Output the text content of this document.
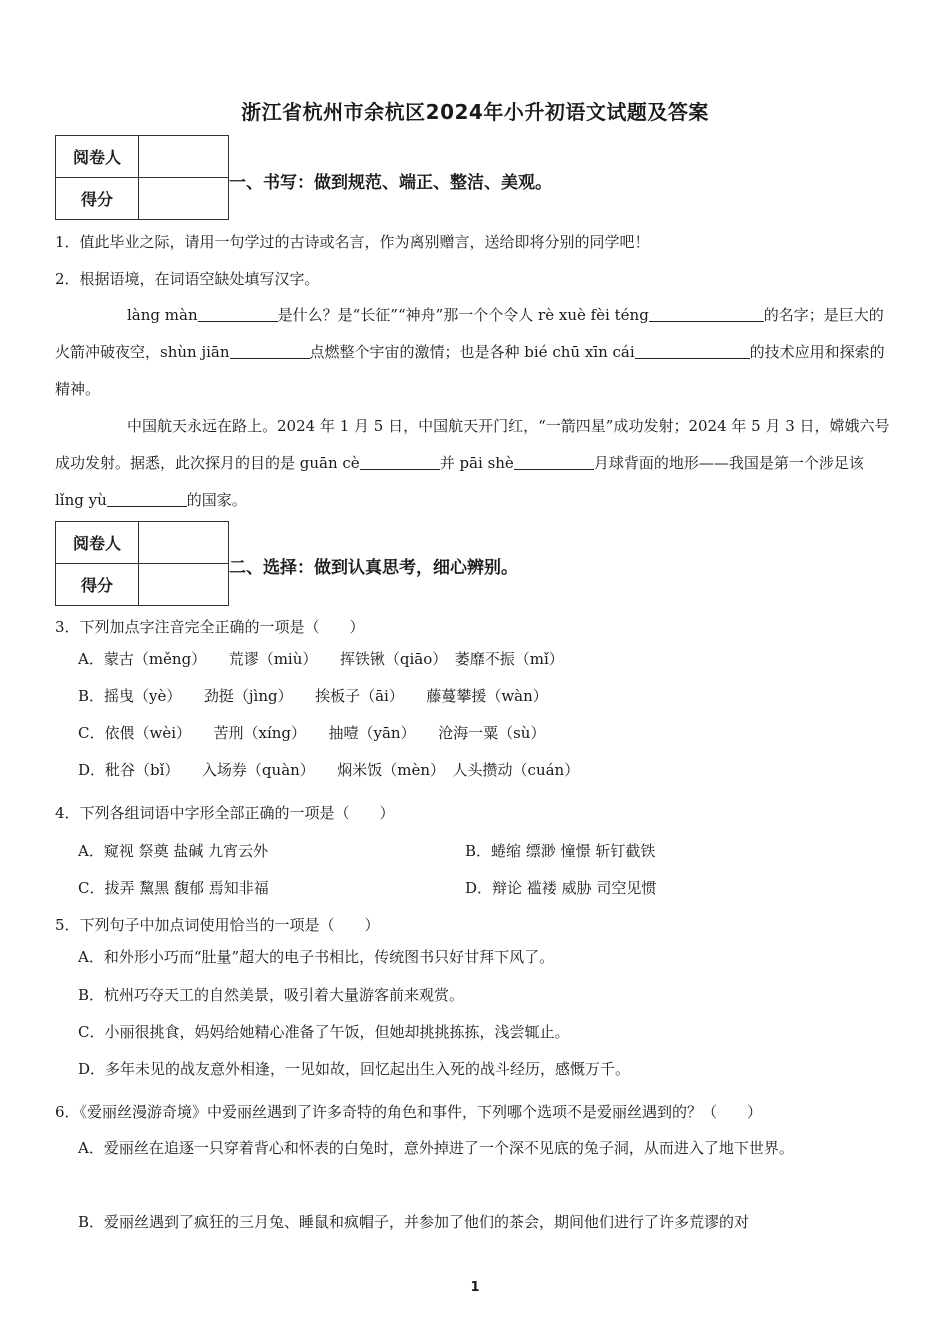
浙江省杭州市余杭区2024年小升初语文试题及答案
阅卷人	
得分	
一、书写：做到规范、端正、整洁、美观。
1．值此毕业之际，请用一句学过的古诗或名言，作为离别赠言，送给即将分别的同学吧！
2．根据语境，在词语空缺处填写汉字。
làng màn	是什么？是“长征”“神舟”那一个个令人 rè xuè fèi téng	的名字；是巨大的火箭冲破夜空，shùn jiān	点燃整个宇宙的激情；也是各种 bié chū xīn cái	的技术应用和探索的精神。
中国航天永远在路上。2024 年 1 月 5 日，中国航天开门红，“一箭四星”成功发射；2024 年 5 月 3 日，嫦娥六号成功发射。据悉，此次探月的目的是 guān cè	并 pāi shè	月球背面的地形——我国是第一个涉足该 lǐng yù	的国家。
阅卷人	
得分	
二、选择：做到认真思考，细心辨别。
3．下列加点字注音完全正确的一项是（　　）
A．蒙古（měng）　　荒谬（miù）　　挥铁锹（qiāo）　萎靡不振（mǐ）
B．摇曳（yè）　　劲挺（jìng）　　挨板子（āi）　　藤蔓攀援（wàn）
C．依偎（wèi）　　苦刑（xíng）　　抽噎（yān）　　沧海一粟（sù）
D．秕谷（bǐ）　　入场券（quàn）　　焖米饭（mèn）　人头攒动（cuán）
4．下列各组词语中字形全部正确的一项是（　　）
A．窥视 祭奠 盐碱 九宵云外	B．蜷缩 缥渺 憧憬 斩钉截铁
C．拔弄 黧黑 馥郁 焉知非福	D．辩论 褴褛 威胁 司空见惯
5．下列句子中加点词使用恰当的一项是（　　）
A．和外形小巧而“肚量”超大的电子书相比，传统图书只好甘拜下风了。
B．杭州巧夺天工的自然美景，吸引着大量游客前来观赏。
C．小丽很挑食，妈妈给她精心准备了午饭，但她却挑挑拣拣，浅尝辄止。
D．多年未见的战友意外相逢，一见如故，回忆起出生入死的战斗经历，感慨万千。
6．《爱丽丝漫游奇境》中爱丽丝遇到了许多奇特的角色和事件，下列哪个选项不是爱丽丝遇到的？（　　）
A．爱丽丝在追逐一只穿着背心和怀表的白兔时，意外掉进了一个深不见底的兔子洞，从而进入了地下世界。
B．爱丽丝遇到了疯狂的三月兔、睡鼠和疯帽子，并参加了他们的茶会，期间他们进行了许多荒谬的对
1
